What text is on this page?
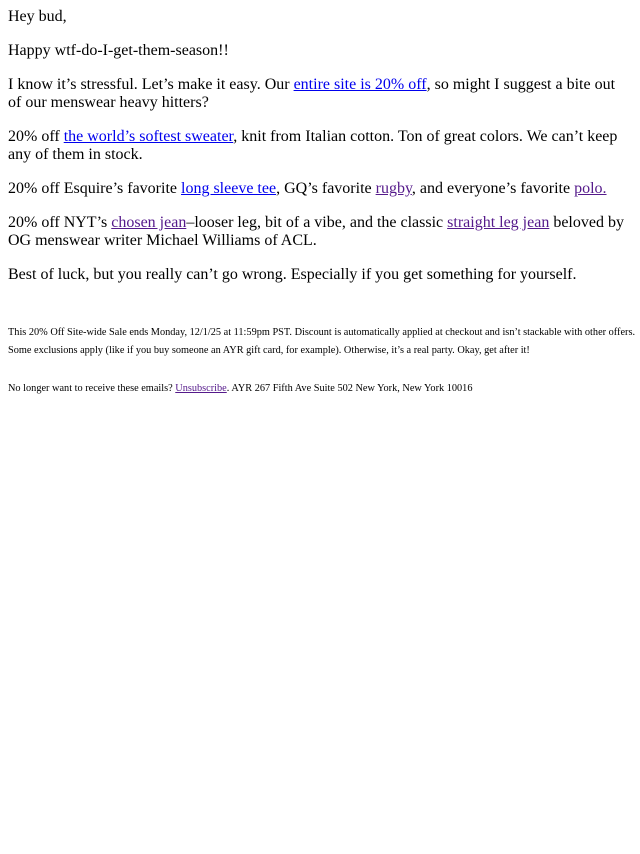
Hey bud,

Happy wtf-do-I-get-them-season!!

I know it’s stressful. Let’s make it easy. Our entire site is 20% off, so might I suggest a bite out of our menswear heavy hitters?

20% off the world’s softest sweater, knit from Italian cotton. Ton of great colors. We can’t keep any of them in stock.

20% off Esquire’s favorite long sleeve tee, GQ’s favorite rugby, and everyone’s favorite polo.

20% off NYT’s chosen jean–looser leg, bit of a vibe, and the classic straight leg jean beloved by OG menswear writer Michael Williams of ACL.

Best of luck, but you really can’t go wrong. Especially if you get something for yourself.

This 20% Off Site-wide Sale ends Monday, 12/1/25 at 11:59pm PST. Discount is automatically applied at checkout and isn’t stackable with other offers.
Some exclusions apply (like if you buy someone an AYR gift card, for example). Otherwise, it’s a real party. Okay, get after it!

No longer want to receive these emails? Unsubscribe. AYR 267 Fifth Ave Suite 502 New York, New York 10016
